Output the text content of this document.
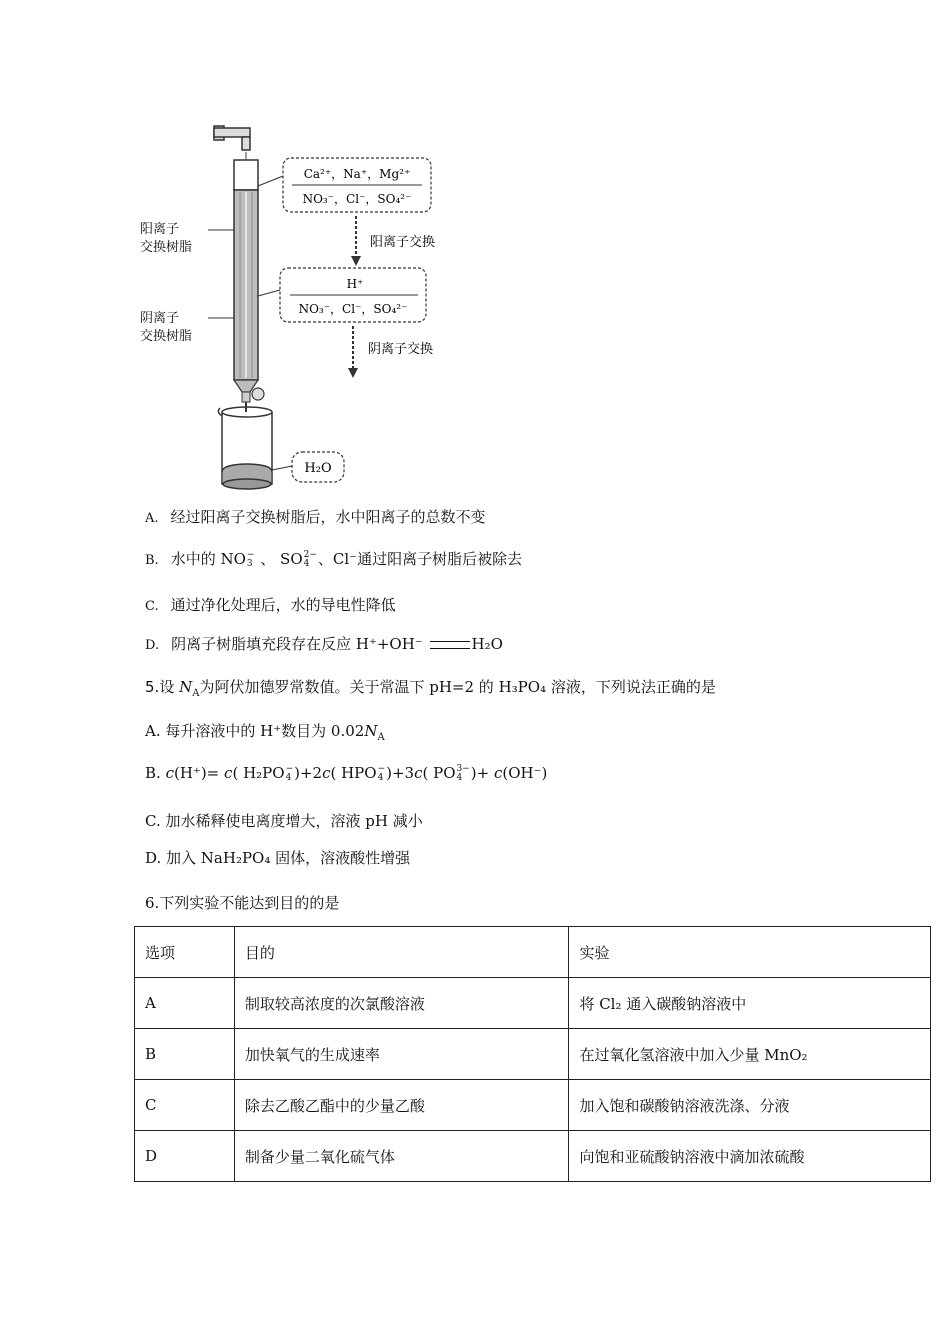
阳离子
交换树脂
阴离子
交换树脂
Ca²⁺，Na⁺，Mg²⁺
NO₃⁻，Cl⁻，SO₄²⁻
阳离子交换
H⁺
NO₃⁻，Cl⁻，SO₄²⁻
阴离子交换
H₂O
A. 经过阳离子交换树脂后，水中阳离子的总数不变
B. 水中的 NO−
3 、 SO2−
4 、Cl⁻通过阳离子树脂后被除去
C. 通过净化处理后，水的导电性降低
D. 阴离子树脂填充段存在反应 H⁺+OH⁻	H₂O
5.设 $N_A$为阿伏加德罗常数值。关于常温下 pH=2 的 H₃PO₄ 溶液，下列说法正确的是
A. 每升溶液中的 H⁺数目为 $0.02N_A$
B. c(H⁺)= c( H₂PO−
4 )+2c( HPO−
4 )+3c( PO3−
4 )+ c(OH⁻)
C. 加水稀释使电离度增大，溶液 pH 减小
D. 加入 NaH₂PO₄ 固体，溶液酸性增强
6.下列实验不能达到目的的是
选项	目的	实验
A	制取较高浓度的次氯酸溶液	将 Cl₂ 通入碳酸钠溶液中
B	加快氧气的生成速率	在过氧化氢溶液中加入少量 MnO₂
C	除去乙酸乙酯中的少量乙酸	加入饱和碳酸钠溶液洗涤、分液
D	制备少量二氧化硫气体	向饱和亚硫酸钠溶液中滴加浓硫酸
